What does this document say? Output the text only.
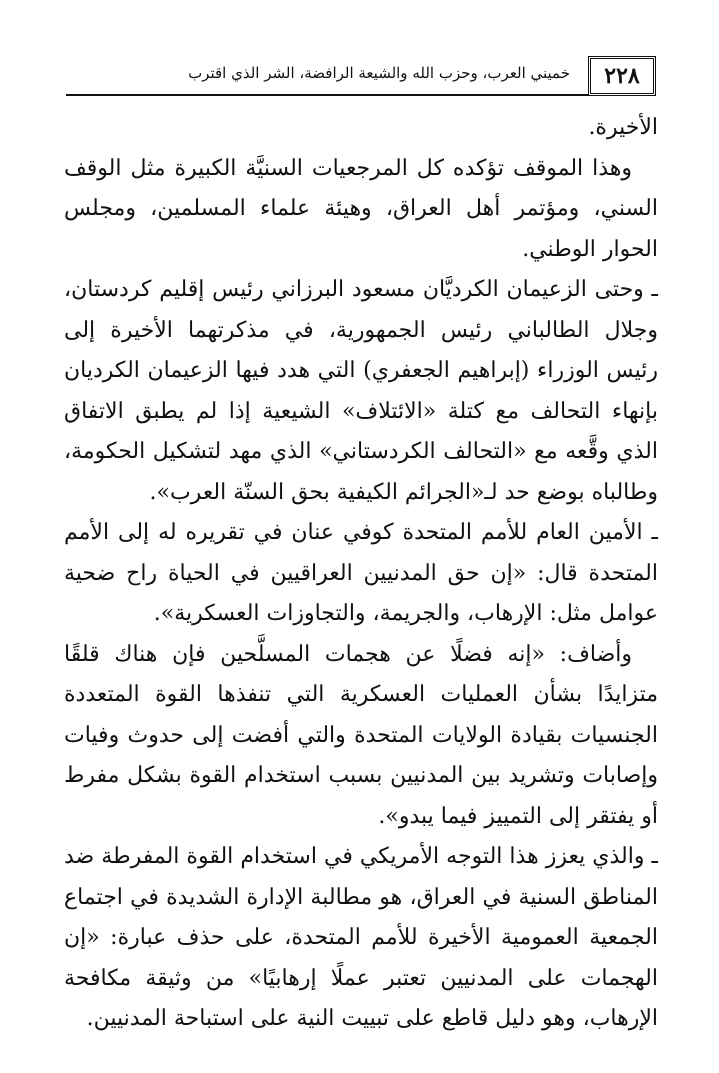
٢٢٨
خميني العرب، وحزب الله والشيعة الرافضة، الشر الذي اقترب

الأخيرة.

وهذا الموقف تؤكده كل المرجعيات السنيَّة الكبيرة مثل الوقف السني، ومؤتمر أهل العراق، وهيئة علماء المسلمين، ومجلس الحوار الوطني.

ـ وحتى الزعيمان الكرديَّان مسعود البرزاني رئيس إقليم كردستان، وجلال الطالباني رئيس الجمهورية، في مذكرتهما الأخيرة إلى رئيس الوزراء (إبراهيم الجعفري) التي هدد فيها الزعيمان الكرديان بإنهاء التحالف مع كتلة «الائتلاف» الشيعية إذا لم يطبق الاتفاق الذي وقَّعه مع «التحالف الكردستاني» الذي مهد لتشكيل الحكومة، وطالباه بوضع حد لـ«الجرائم الكيفية بحق السنّة العرب».

ـ الأمين العام للأمم المتحدة كوفي عنان في تقريره له إلى الأمم المتحدة قال: «إن حق المدنيين العراقيين في الحياة راح ضحية عوامل مثل: الإرهاب، والجريمة، والتجاوزات العسكرية».

وأضاف: «إنه فضلًا عن هجمات المسلَّحين فإن هناك قلقًا متزايدًا بشأن العمليات العسكرية التي تنفذها القوة المتعددة الجنسيات بقيادة الولايات المتحدة والتي أفضت إلى حدوث وفيات وإصابات وتشريد بين المدنيين بسبب استخدام القوة بشكل مفرط أو يفتقر إلى التمييز فيما يبدو».

ـ والذي يعزز هذا التوجه الأمريكي في استخدام القوة المفرطة ضد المناطق السنية في العراق، هو مطالبة الإدارة الشديدة في اجتماع الجمعية العمومية الأخيرة للأمم المتحدة، على حذف عبارة: «إن الهجمات على المدنيين تعتبر عملًا إرهابيًا» من وثيقة مكافحة الإرهاب، وهو دليل قاطع على تبييت النية على استباحة المدنيين.
